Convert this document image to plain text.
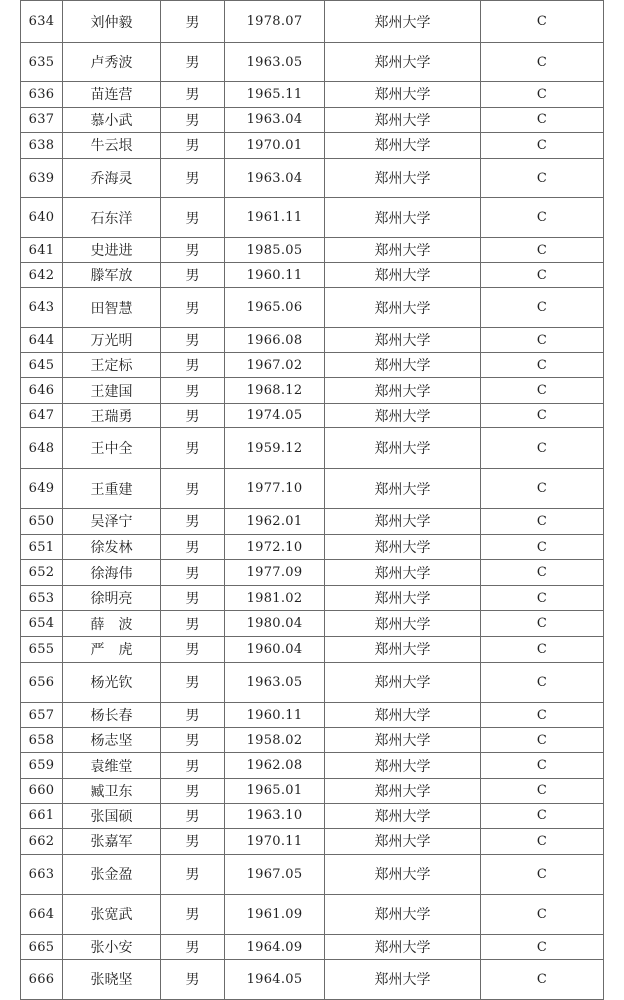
634	刘仲毅	男	1978.07	郑州大学	C
635	卢秀波	男	1963.05	郑州大学	C
636	苗连营	男	1965.11	郑州大学	C
637	慕小武	男	1963.04	郑州大学	C
638	牛云垠	男	1970.01	郑州大学	C
639	乔海灵	男	1963.04	郑州大学	C
640	石东洋	男	1961.11	郑州大学	C
641	史进进	男	1985.05	郑州大学	C
642	滕军放	男	1960.11	郑州大学	C
643	田智慧	男	1965.06	郑州大学	C
644	万光明	男	1966.08	郑州大学	C
645	王定标	男	1967.02	郑州大学	C
646	王建国	男	1968.12	郑州大学	C
647	王瑞勇	男	1974.05	郑州大学	C
648	王中全	男	1959.12	郑州大学	C
649	王重建	男	1977.10	郑州大学	C
650	吴泽宁	男	1962.01	郑州大学	C
651	徐发林	男	1972.10	郑州大学	C
652	徐海伟	男	1977.09	郑州大学	C
653	徐明亮	男	1981.02	郑州大学	C
654	薛　波	男	1980.04	郑州大学	C
655	严　虎	男	1960.04	郑州大学	C
656	杨光钦	男	1963.05	郑州大学	C
657	杨长春	男	1960.11	郑州大学	C
658	杨志坚	男	1958.02	郑州大学	C
659	袁维堂	男	1962.08	郑州大学	C
660	臧卫东	男	1965.01	郑州大学	C
661	张国硕	男	1963.10	郑州大学	C
662	张嘉军	男	1970.11	郑州大学	C
663	张金盈	男	1967.05	郑州大学	C
664	张宽武	男	1961.09	郑州大学	C
665	张小安	男	1964.09	郑州大学	C
666	张晓坚	男	1964.05	郑州大学	C
